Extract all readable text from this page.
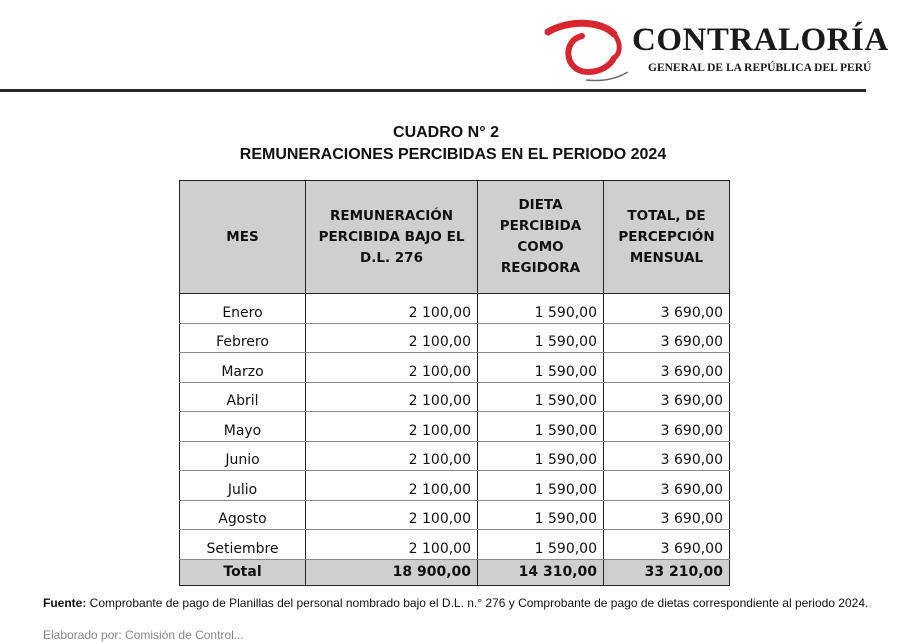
CONTRALORÍA
GENERAL DE LA REPÚBLICA DEL PERÚ
CUADRO N° 2
REMUNERACIONES PERCIBIDAS EN EL PERIODO 2024
MES	REMUNERACIÓN PERCIBIDA BAJO EL D.L. 276	DIETA PERCIBIDA COMO REGIDORA	TOTAL, DE PERCEPCIÓN MENSUAL
Enero	2 100,00	1 590,00	3 690,00
Febrero	2 100,00	1 590,00	3 690,00
Marzo	2 100,00	1 590,00	3 690,00
Abril	2 100,00	1 590,00	3 690,00
Mayo	2 100,00	1 590,00	3 690,00
Junio	2 100,00	1 590,00	3 690,00
Julio	2 100,00	1 590,00	3 690,00
Agosto	2 100,00	1 590,00	3 690,00
Setiembre	2 100,00	1 590,00	3 690,00
Total	18 900,00	14 310,00	33 210,00
Fuente: Comprobante de pago de Planillas del personal nombrado bajo el D.L. n.° 276 y Comprobante de pago de dietas correspondiente al periodo 2024.
Elaborado por: Comisión de Control...
